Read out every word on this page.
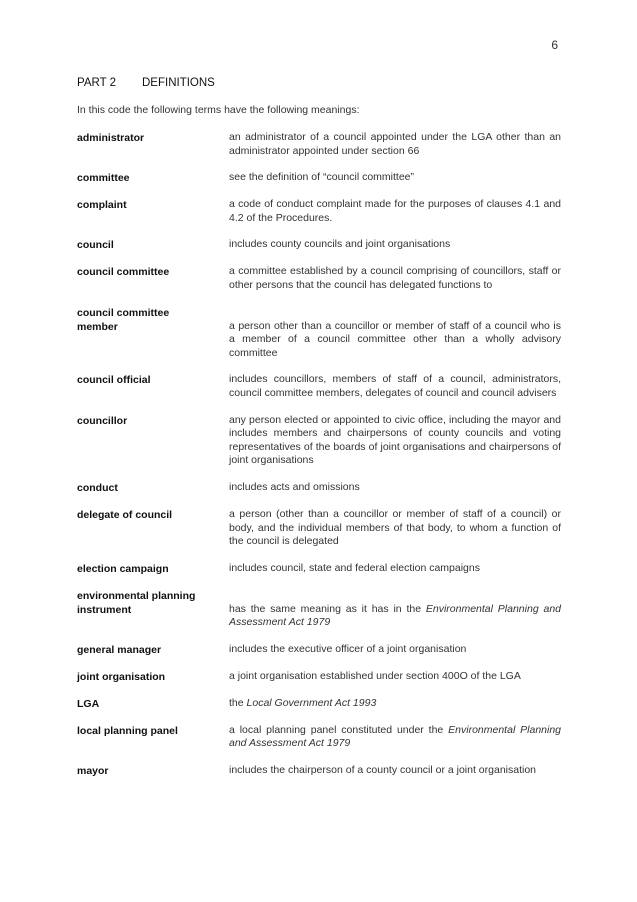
6
PART 2 DEFINITIONS
In this code the following terms have the following meanings:
administrator	an administrator of a council appointed under the LGA other than an administrator appointed under section 66
committee	see the definition of “council committee”
complaint	a code of conduct complaint made for the purposes of clauses 4.1 and 4.2 of the Procedures.
council	includes county councils and joint organisations
council committee	a committee established by a council comprising of councillors, staff or other persons that the council has delegated functions to
council committee member	a person other than a councillor or member of staff of a council who is a member of a council committee other than a wholly advisory committee
council official	includes councillors, members of staff of a council, administrators, council committee members, delegates of council and council advisers
councillor	any person elected or appointed to civic office, including the mayor and includes members and chairpersons of county councils and voting representatives of the boards of joint organisations and chairpersons of joint organisations
conduct	includes acts and omissions
delegate of council	a person (other than a councillor or member of staff of a council) or body, and the individual members of that body, to whom a function of the council is delegated
election campaign	includes council, state and federal election campaigns
environmental planning instrument	has the same meaning as it has in the Environmental Planning and Assessment Act 1979
general manager	includes the executive officer of a joint organisation
joint organisation	a joint organisation established under section 400O of the LGA
LGA	the Local Government Act 1993
local planning panel	a local planning panel constituted under the Environmental Planning and Assessment Act 1979
mayor	includes the chairperson of a county council or a joint organisation
